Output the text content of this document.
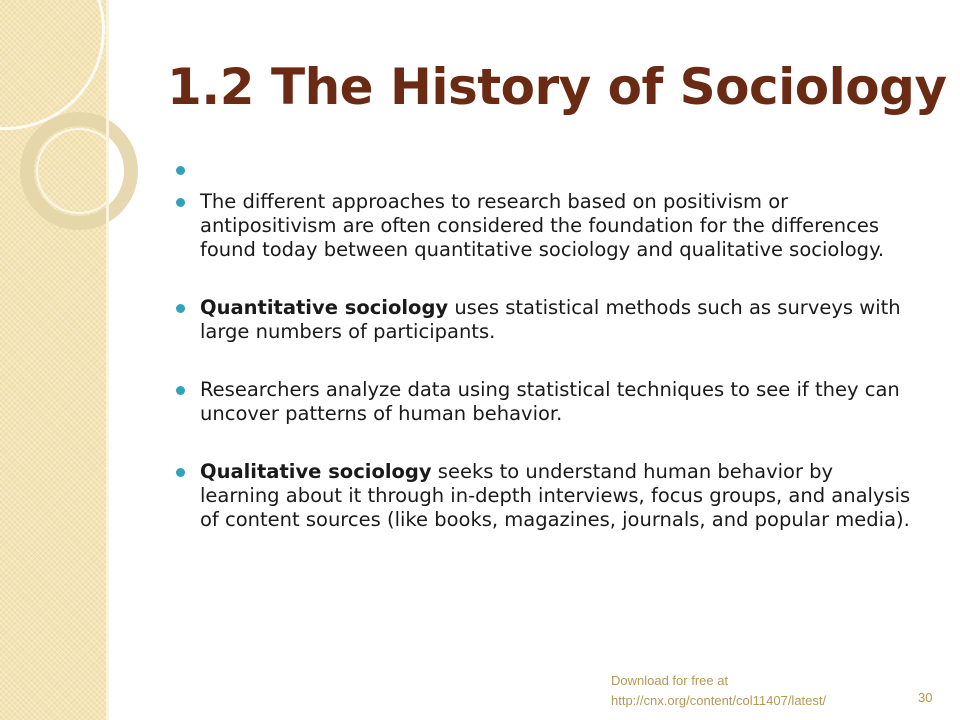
1.2 The History of Sociology
The different approaches to research based on positivism or antipositivism are often considered the foundation for the differences found today between quantitative sociology and qualitative sociology.
Quantitative sociology uses statistical methods such as surveys with large numbers of participants.
Researchers analyze data using statistical techniques to see if they can uncover patterns of human behavior.
Qualitative sociology seeks to understand human behavior by learning about it through in-depth interviews, focus groups, and analysis of content sources (like books, magazines, journals, and popular media).
Download for free at
http://cnx.org/content/col11407/latest/	30
